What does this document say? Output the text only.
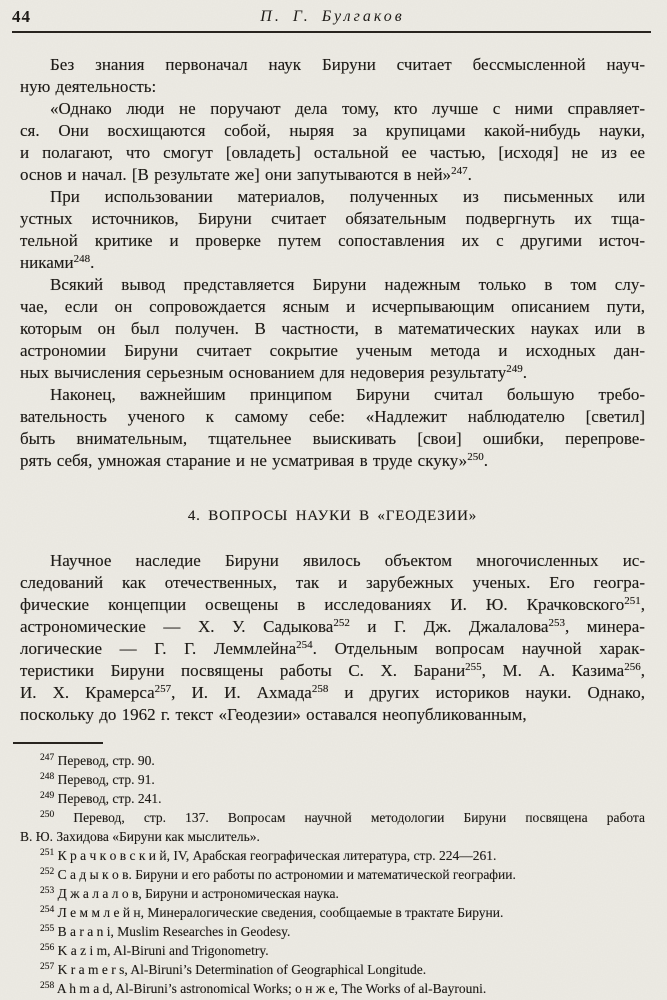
44	П. Г. Булгаков
Без знания первоначал наук Бируни считает бессмысленной науч-
ную деятельность:
«Однако люди не поручают дела тому, кто лучше с ними справляет-
ся. Они восхищаются собой, ныряя за крупицами какой-нибудь науки,
и полагают, что смогут [овладеть] остальной ее частью, [исходя] не из ее
основ и начал. [В результате же] они запутываются в ней»$^{247}$.
При использовании материалов, полученных из письменных или
устных источников, Бируни считает обязательным подвергнуть их тща-
тельной критике и проверке путем сопоставления их с другими источ-
никами$^{248}$.
Всякий вывод представляется Бируни надежным только в том слу-
чае, если он сопровождается ясным и исчерпывающим описанием пути,
которым он был получен. В частности, в математических науках или в
астрономии Бируни считает сокрытие ученым метода и исходных дан-
ных вычисления серьезным основанием для недоверия результату$^{249}$.
Наконец, важнейшим принципом Бируни считал большую требо-
вательность ученого к самому себе: «Надлежит наблюдателю [светил]
быть внимательным, тщательнее выискивать [свои] ошибки, перепрове-
рять себя, умножая старание и не усматривая в труде скуку»$^{250}$.
4. ВОПРОСЫ НАУКИ В «ГЕОДЕЗИИ»
Научное наследие Бируни явилось объектом многочисленных ис-
следований как отечественных, так и зарубежных ученых. Его геогра-
фические концепции освещены в исследованиях И. Ю. Крачковского$^{251}$,
астрономические — Х. У. Садыкова$^{252}$ и Г. Дж. Джалалова$^{253}$, минера-
логические — Г. Г. Леммлейна$^{254}$. Отдельным вопросам научной харак-
теристики Бируни посвящены работы С. Х. Барани$^{255}$, М. А. Казима$^{256}$,
И. Х. Крамерса$^{257}$, И. И. Ахмада$^{258}$ и других историков науки. Однако,
поскольку до 1962 г. текст «Геодезии» оставался неопубликованным,
$^{247}$ Перевод, стр. 90.
$^{248}$ Перевод, стр. 91.
$^{249}$ Перевод, стр. 241.
$^{250}$ Перевод, стр. 137. Вопросам научной методологии Бируни посвящена работа
В. Ю. Захидова «Бируни как мыслитель».
$^{251}$ К р а ч к о в с к и й, IV, Арабская географическая литература, стр. 224—261.
$^{252}$ С а д ы к о в. Бируни и его работы по астрономии и математической географии.
$^{253}$ Д ж а л а л о в, Бируни и астрономическая наука.
$^{254}$ Л е м м л е й н, Минералогические сведения, сообщаемые в трактате Бируни.
$^{255}$ B a r a n i, Muslim Researches in Geodesy.
$^{256}$ K a z i m, Al-Biruni and Trigonometry.
$^{257}$ K r a m e r s, Al-Biruni’s Determination of Geographical Longitude.
$^{258}$ A h m a d, Al-Biruni’s astronomical Works; о н ж е, The Works of al-Bayrouni.
